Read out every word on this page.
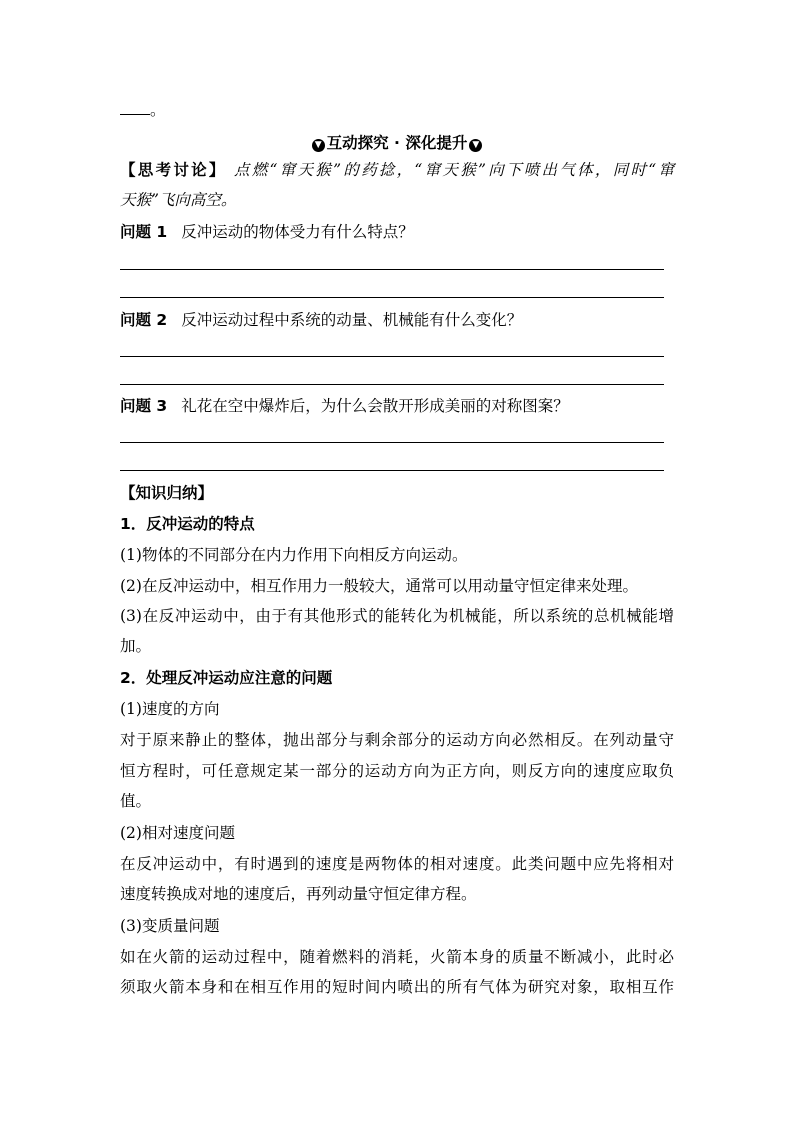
。
▼ 互动探究 · 深化提升 ▼
【思考讨论】 点燃“窜天猴”的药捻，“窜天猴”向下喷出气体，同时“窜
天猴”飞向高空。
问题 1 反冲运动的物体受力有什么特点？
问题 2 反冲运动过程中系统的动量、机械能有什么变化？
问题 3 礼花在空中爆炸后，为什么会散开形成美丽的对称图案？
【知识归纳】
1．反冲运动的特点
(1)物体的不同部分在内力作用下向相反方向运动。
(2)在反冲运动中，相互作用力一般较大，通常可以用动量守恒定律来处理。
(3)在反冲运动中，由于有其他形式的能转化为机械能，所以系统的总机械能增
加。
2．处理反冲运动应注意的问题
(1)速度的方向
对于原来静止的整体，抛出部分与剩余部分的运动方向必然相反。在列动量守
恒方程时，可任意规定某一部分的运动方向为正方向，则反方向的速度应取负
值。
(2)相对速度问题
在反冲运动中，有时遇到的速度是两物体的相对速度。此类问题中应先将相对
速度转换成对地的速度后，再列动量守恒定律方程。
(3)变质量问题
如在火箭的运动过程中，随着燃料的消耗，火箭本身的质量不断减小，此时必
须取火箭本身和在相互作用的短时间内喷出的所有气体为研究对象，取相互作
